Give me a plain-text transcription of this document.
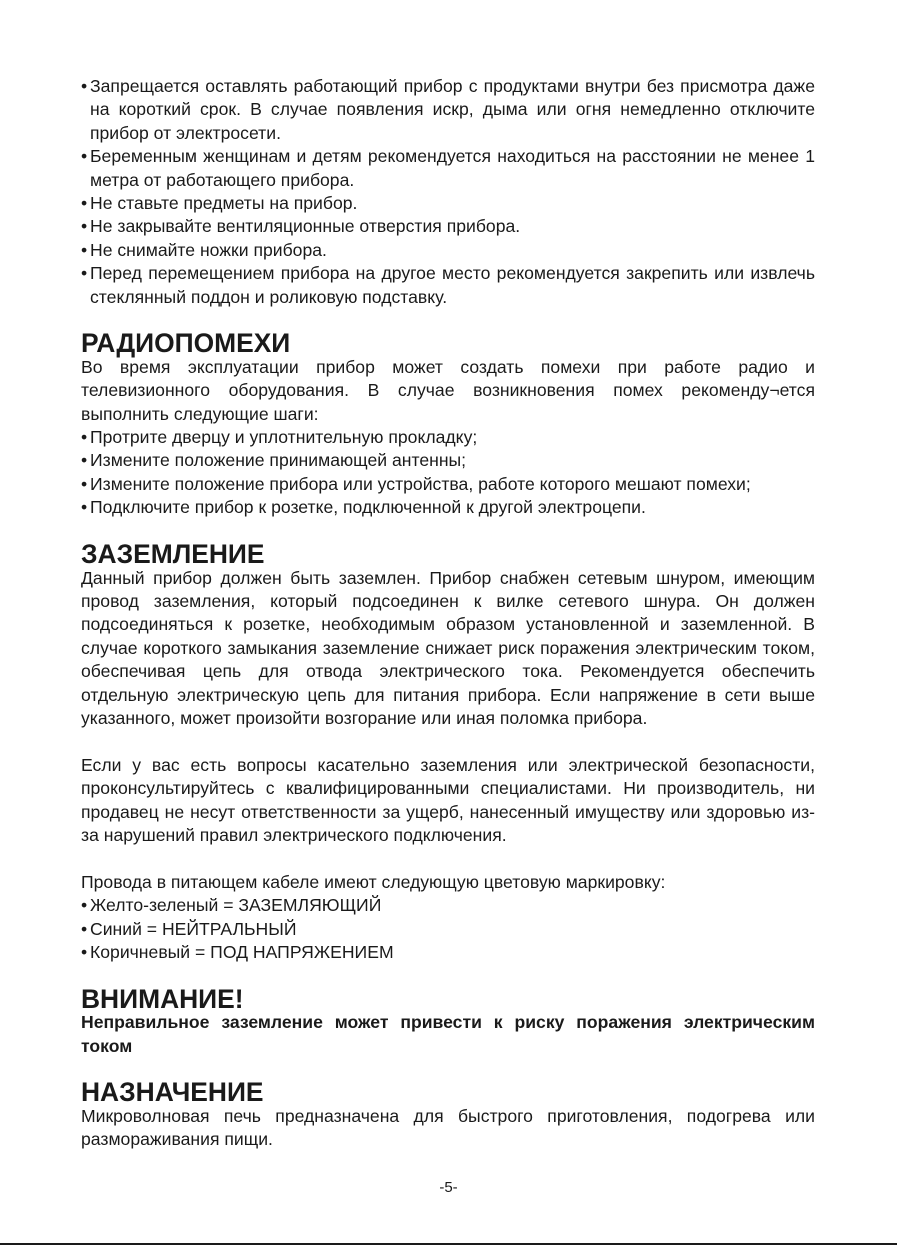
• Запрещается оставлять работающий прибор с продуктами внутри без присмотра даже на короткий срок. В случае появления искр, дыма или огня немедленно отключите прибор от электросети.
• Беременным женщинам и детям рекомендуется находиться на расстоянии не менее 1 метра от работающего прибора.
• Не ставьте предметы на прибор.
• Не закрывайте вентиляционные отверстия прибора.
• Не снимайте ножки прибора.
• Перед перемещением прибора на другое место рекомендуется закрепить или извлечь стеклянный поддон и роликовую подставку.
РАДИОПОМЕХИ

Во время эксплуатации прибор может создать помехи при работе радио и телевизионного оборудования. В случае возникновения помех рекоменду¬ется выполнить следующие шаги:

• Протрите дверцу и уплотнительную прокладку;
• Измените положение принимающей антенны;
• Измените положение прибора или устройства, работе которого мешают помехи;
• Подключите прибор к розетке, подключенной к другой электроцепи.
ЗАЗЕМЛЕНИЕ

Данный прибор должен быть заземлен. Прибор снабжен сетевым шнуром, имеющим провод заземления, который подсоединен к вилке сетевого шнура. Он должен подсоединяться к розетке, необходимым образом установленной и заземленной. В случае короткого замыкания заземление снижает риск поражения электрическим током, обеспечивая цепь для отвода электрического тока. Рекомендуется обеспечить отдельную электрическую цепь для питания прибора. Если напряжение в сети выше указанного, может произойти возгорание или иная поломка прибора.

Если у вас есть вопросы касательно заземления или электрической безопасности, проконсультируйтесь с квалифицированными специалистами. Ни производитель, ни продавец не несут ответственности за ущерб, нанесенный имуществу или здоровью из-за нарушений правил электрического подключения.

Провода в питающем кабеле имеют следующую цветовую маркировку:

• Желто-зеленый = ЗАЗЕМЛЯЮЩИЙ
• Синий = НЕЙТРАЛЬНЫЙ
• Коричневый = ПОД НАПРЯЖЕНИЕМ
ВНИМАНИЕ!

Неправильное заземление может привести к риску поражения электрическим током

НАЗНАЧЕНИЕ

Микроволновая печь предназначена для быстрого приготовления, подогрева или размораживания пищи.

-5-
